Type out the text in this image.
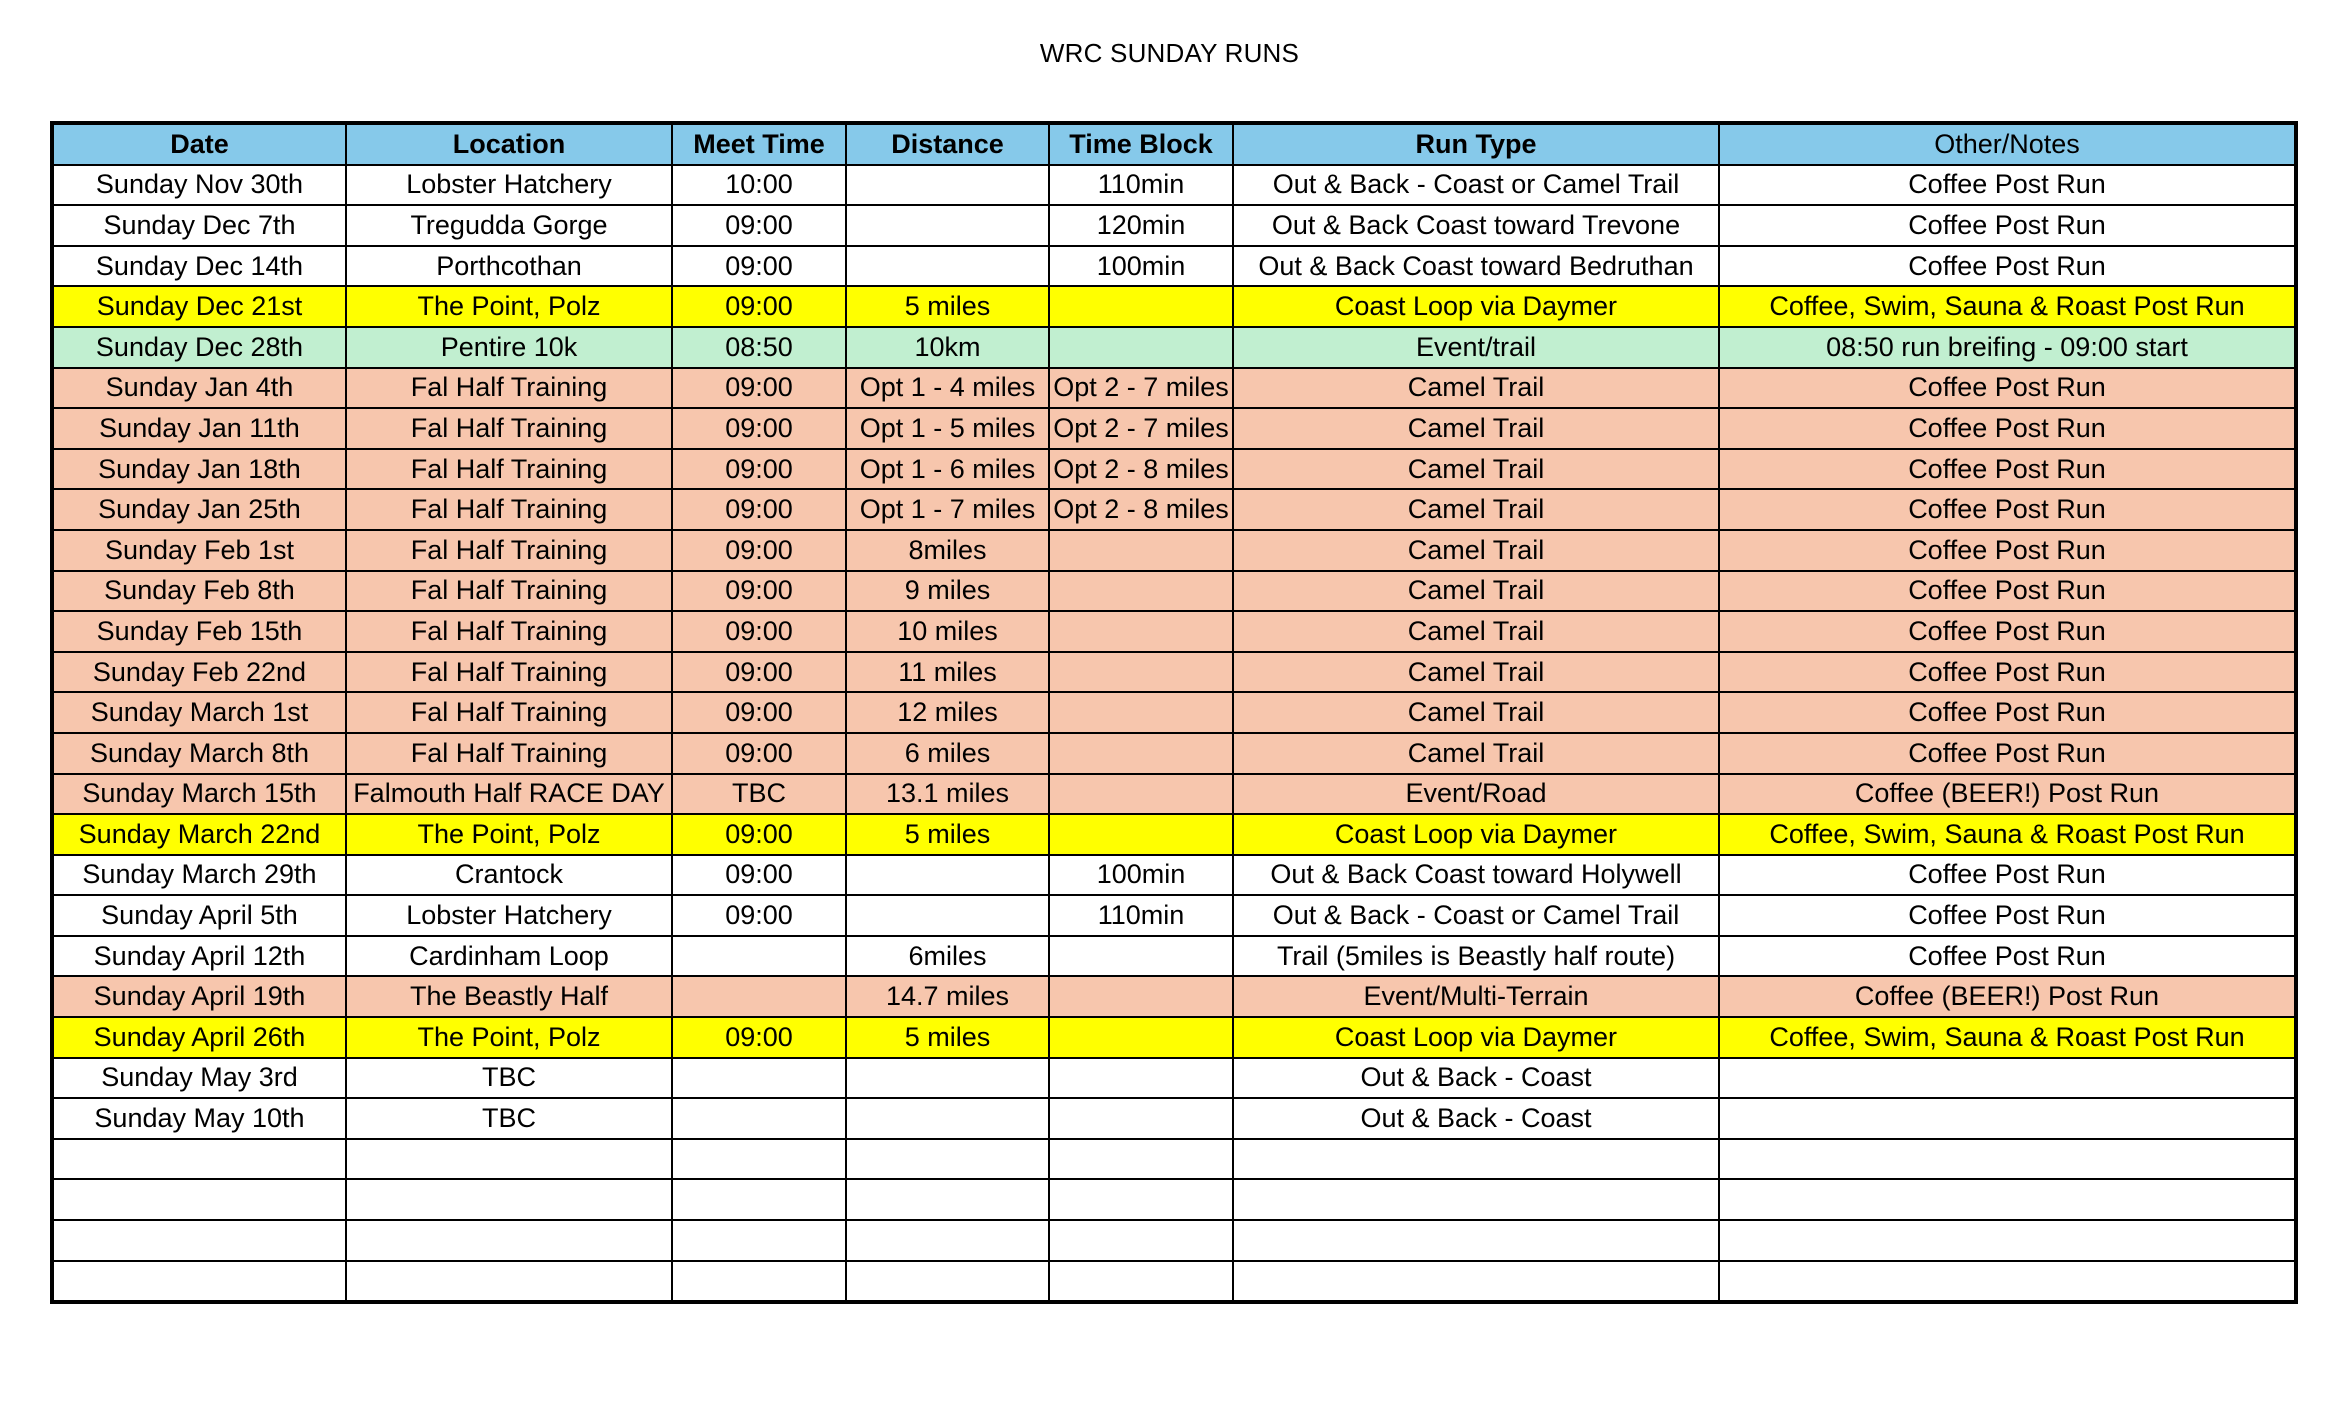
WRC SUNDAY RUNS
Date	Location	Meet Time	Distance	Time Block	Run Type	Other/Notes
Sunday Nov 30th	Lobster Hatchery	10:00		110min	Out & Back - Coast or Camel Trail	Coffee Post Run
Sunday Dec 7th	Tregudda Gorge	09:00		120min	Out & Back Coast toward Trevone	Coffee Post Run
Sunday Dec 14th	Porthcothan	09:00		100min	Out & Back Coast toward Bedruthan	Coffee Post Run
Sunday Dec 21st	The Point, Polz	09:00	5 miles		Coast Loop via Daymer	Coffee, Swim, Sauna & Roast Post Run
Sunday Dec 28th	Pentire 10k	08:50	10km		Event/trail	08:50 run breifing - 09:00 start
Sunday Jan 4th	Fal Half Training	09:00	Opt 1 - 4 miles	Opt 2 - 7 miles	Camel Trail	Coffee Post Run
Sunday Jan 11th	Fal Half Training	09:00	Opt 1 - 5 miles	Opt 2 - 7 miles	Camel Trail	Coffee Post Run
Sunday Jan 18th	Fal Half Training	09:00	Opt 1 - 6 miles	Opt 2 - 8 miles	Camel Trail	Coffee Post Run
Sunday Jan 25th	Fal Half Training	09:00	Opt 1 - 7 miles	Opt 2 - 8 miles	Camel Trail	Coffee Post Run
Sunday Feb 1st	Fal Half Training	09:00	8miles		Camel Trail	Coffee Post Run
Sunday Feb 8th	Fal Half Training	09:00	9 miles		Camel Trail	Coffee Post Run
Sunday Feb 15th	Fal Half Training	09:00	10 miles		Camel Trail	Coffee Post Run
Sunday Feb 22nd	Fal Half Training	09:00	11 miles		Camel Trail	Coffee Post Run
Sunday March 1st	Fal Half Training	09:00	12 miles		Camel Trail	Coffee Post Run
Sunday March 8th	Fal Half Training	09:00	6 miles		Camel Trail	Coffee Post Run
Sunday March 15th	Falmouth Half RACE DAY	TBC	13.1 miles		Event/Road	Coffee (BEER!) Post Run
Sunday March 22nd	The Point, Polz	09:00	5 miles		Coast Loop via Daymer	Coffee, Swim, Sauna & Roast Post Run
Sunday March 29th	Crantock	09:00		100min	Out & Back Coast toward Holywell	Coffee Post Run
Sunday April 5th	Lobster Hatchery	09:00		110min	Out & Back - Coast or Camel Trail	Coffee Post Run
Sunday April 12th	Cardinham Loop		6miles		Trail (5miles is Beastly half route)	Coffee Post Run
Sunday April 19th	The Beastly Half		14.7 miles		Event/Multi-Terrain	Coffee (BEER!) Post Run
Sunday April 26th	The Point, Polz	09:00	5 miles		Coast Loop via Daymer	Coffee, Swim, Sauna & Roast Post Run
Sunday May 3rd	TBC				Out & Back - Coast	
Sunday May 10th	TBC				Out & Back - Coast	
